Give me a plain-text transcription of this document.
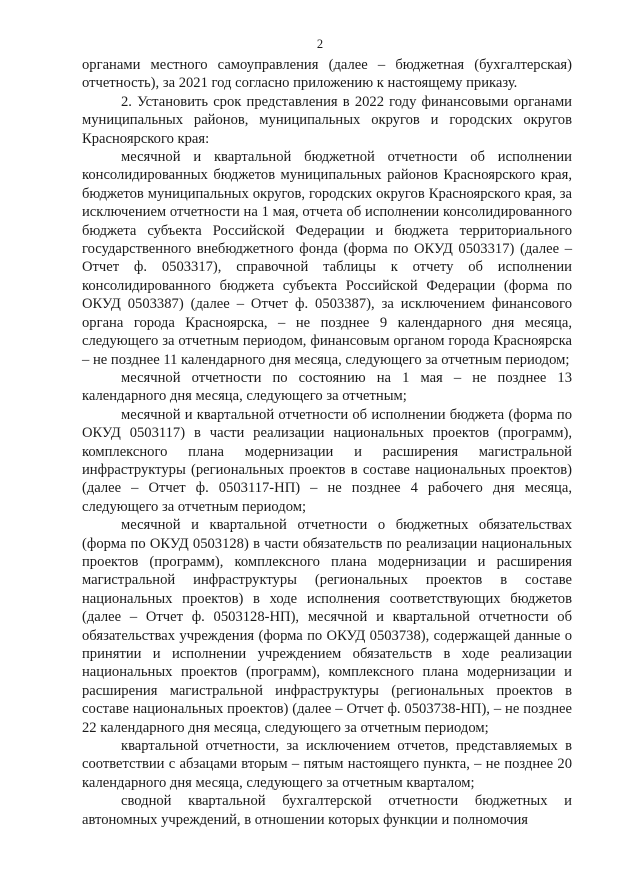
2

органами местного самоуправления (далее – бюджетная (бухгалтерская) отчетность), за 2021 год согласно приложению к настоящему приказу.

2. Установить срок представления в 2022 году финансовыми органами муниципальных районов, муниципальных округов и городских округов Красноярского края:

месячной и квартальной бюджетной отчетности об исполнении консолидированных бюджетов муниципальных районов Красноярского края, бюджетов муниципальных округов, городских округов Красноярского края, за исключением отчетности на 1 мая, отчета об исполнении консолидированного бюджета субъекта Российской Федерации и бюджета территориального государственного внебюджетного фонда (форма по ОКУД 0503317) (далее – Отчет ф. 0503317), справочной таблицы к отчету об исполнении консолидированного бюджета субъекта Российской Федерации (форма по ОКУД 0503387) (далее – Отчет ф. 0503387), за исключением финансового органа города Красноярска, – не позднее 9 календарного дня месяца, следующего за отчетным периодом, финансовым органом города Красноярска – не позднее 11 календарного дня месяца, следующего за отчетным периодом;

месячной отчетности по состоянию на 1 мая – не позднее 13 календарного дня месяца, следующего за отчетным;

месячной и квартальной отчетности об исполнении бюджета (форма по ОКУД 0503117) в части реализации национальных проектов (программ), комплексного плана модернизации и расширения магистральной инфраструктуры (региональных проектов в составе национальных проектов) (далее – Отчет ф. 0503117-НП) – не позднее 4 рабочего дня месяца, следующего за отчетным периодом;

месячной и квартальной отчетности о бюджетных обязательствах (форма по ОКУД 0503128) в части обязательств по реализации национальных проектов (программ), комплексного плана модернизации и расширения магистральной инфраструктуры (региональных проектов в составе национальных проектов) в ходе исполнения соответствующих бюджетов (далее – Отчет ф. 0503128-НП), месячной и квартальной отчетности об обязательствах учреждения (форма по ОКУД 0503738), содержащей данные о принятии и исполнении учреждением обязательств в ходе реализации национальных проектов (программ), комплексного плана модернизации и расширения магистральной инфраструктуры (региональных проектов в составе национальных проектов) (далее – Отчет ф. 0503738-НП), – не позднее 22 календарного дня месяца, следующего за отчетным периодом;

квартальной отчетности, за исключением отчетов, представляемых в соответствии с абзацами вторым – пятым настоящего пункта, – не позднее 20 календарного дня месяца, следующего за отчетным кварталом;

сводной квартальной бухгалтерской отчетности бюджетных и автономных учреждений, в отношении которых функции и полномочия
